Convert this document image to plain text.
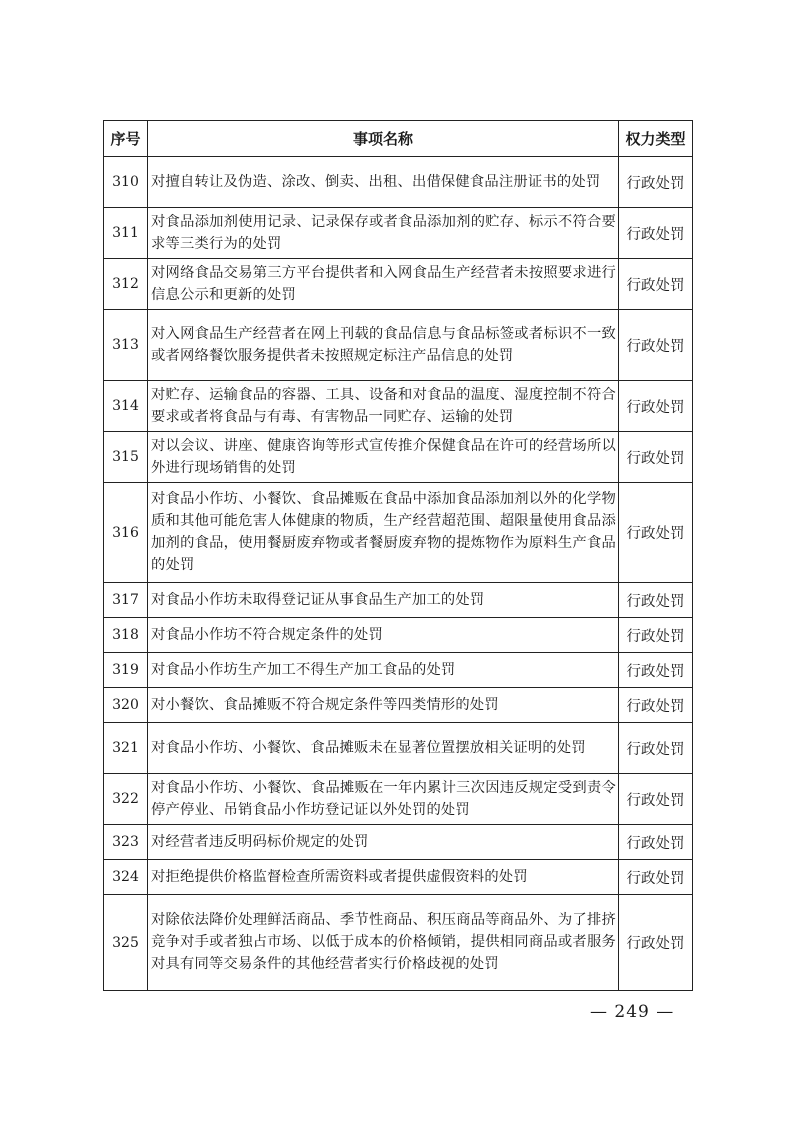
序号	事项名称	权力类型
310	对擅自转让及伪造、涂改、倒卖、出租、出借保健食品注册证书的处罚	行政处罚
311	对食品添加剂使用记录、记录保存或者食品添加剂的贮存、标示不符合要求等三类行为的处罚	行政处罚
312	对网络食品交易第三方平台提供者和入网食品生产经营者未按照要求进行信息公示和更新的处罚	行政处罚
313	对入网食品生产经营者在网上刊载的食品信息与食品标签或者标识不一致或者网络餐饮服务提供者未按照规定标注产品信息的处罚	行政处罚
314	对贮存、运输食品的容器、工具、设备和对食品的温度、湿度控制不符合要求或者将食品与有毒、有害物品一同贮存、运输的处罚	行政处罚
315	对以会议、讲座、健康咨询等形式宣传推介保健食品在许可的经营场所以外进行现场销售的处罚	行政处罚
316	对食品小作坊、小餐饮、食品摊贩在食品中添加食品添加剂以外的化学物质和其他可能危害人体健康的物质，生产经营超范围、超限量使用食品添加剂的食品，使用餐厨废弃物或者餐厨废弃物的提炼物作为原料生产食品的处罚	行政处罚
317	对食品小作坊未取得登记证从事食品生产加工的处罚	行政处罚
318	对食品小作坊不符合规定条件的处罚	行政处罚
319	对食品小作坊生产加工不得生产加工食品的处罚	行政处罚
320	对小餐饮、食品摊贩不符合规定条件等四类情形的处罚	行政处罚
321	对食品小作坊、小餐饮、食品摊贩未在显著位置摆放相关证明的处罚	行政处罚
322	对食品小作坊、小餐饮、食品摊贩在一年内累计三次因违反规定受到责令停产停业、吊销食品小作坊登记证以外处罚的处罚	行政处罚
323	对经营者违反明码标价规定的处罚	行政处罚
324	对拒绝提供价格监督检查所需资料或者提供虚假资料的处罚	行政处罚
325	对除依法降价处理鲜活商品、季节性商品、积压商品等商品外、为了排挤竞争对手或者独占市场、以低于成本的价格倾销，提供相同商品或者服务对具有同等交易条件的其他经营者实行价格歧视的处罚	行政处罚
— 249 —
